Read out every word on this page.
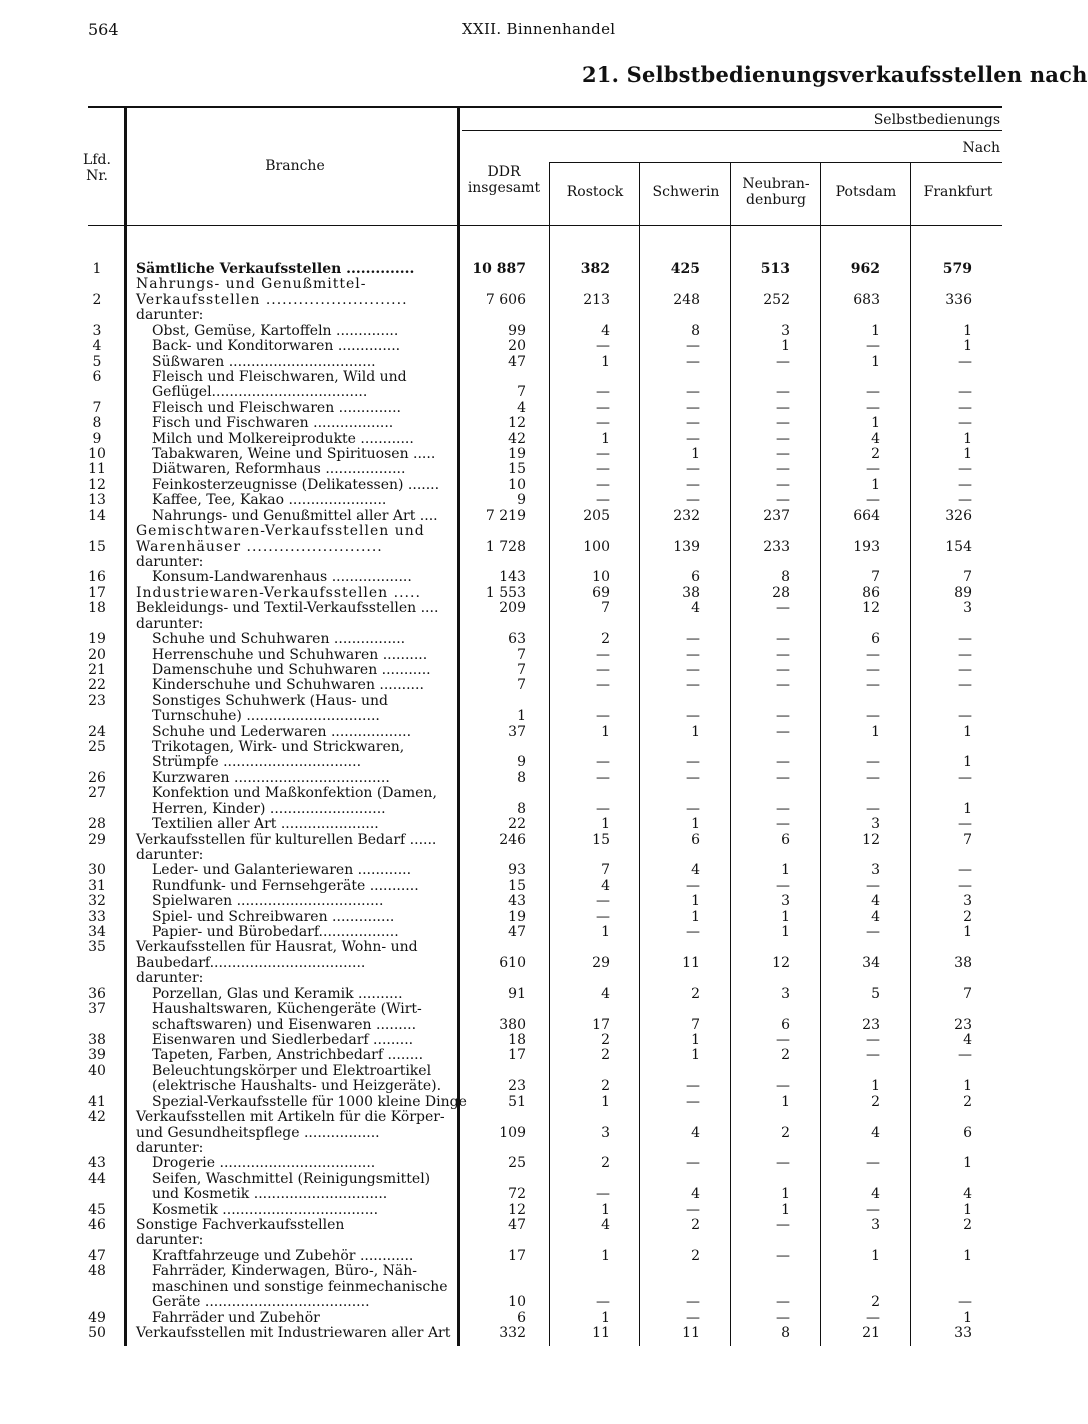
564	XXII. Binnenhandel
21. Selbstbedienungsverkaufsstellen nach
Lfd.
Nr.
Branche	DDR
insgesamt
Selbstbedienungs
Nach
Rostock	Schwerin	Neubran-
denburg	Potsdam	Frankfurt
1	Sämtliche Verkaufsstellen ..............	10 887	382	425	513	962	579
Nahrungs- und Genußmittel-
2	Verkaufsstellen ..........................	7 606	213	248	252	683	336
darunter:
3	Obst, Gemüse, Kartoffeln ..............	99	4	8	3	1	1
4	Back- und Konditorwaren ..............	20	—	—	1	—	1
5	Süßwaren .................................	47	1	—	—	1	—
6	Fleisch und Fleischwaren, Wild und
Geflügel...................................	7	—	—	—	—	—
7	Fleisch und Fleischwaren ..............	4	—	—	—	—	—
8	Fisch und Fischwaren ..................	12	—	—	—	1	—
9	Milch und Molkereiprodukte ............	42	1	—	—	4	1
10	Tabakwaren, Weine und Spirituosen .....	19	—	1	—	2	1
11	Diätwaren, Reformhaus ..................	15	—	—	—	—	—
12	Feinkosterzeugnisse (Delikatessen) .......	10	—	—	—	1	—
13	Kaffee, Tee, Kakao ......................	9	—	—	—	—	—
14	Nahrungs- und Genußmittel aller Art ....	7 219	205	232	237	664	326
Gemischtwaren-Verkaufsstellen und
15	Warenhäuser .........................	1 728	100	139	233	193	154
darunter:
16	Konsum-Landwarenhaus ..................	143	10	6	8	7	7
17	Industriewaren-Verkaufsstellen .....	1 553	69	38	28	86	89
18	Bekleidungs- und Textil-Verkaufsstellen ....	209	7	4	—	12	3
darunter:
19	Schuhe und Schuhwaren ................	63	2	—	—	6	—
20	Herrenschuhe und Schuhwaren ..........	7	—	—	—	—	—
21	Damenschuhe und Schuhwaren ...........	7	—	—	—	—	—
22	Kinderschuhe und Schuhwaren ..........	7	—	—	—	—	—
23	Sonstiges Schuhwerk (Haus- und
Turnschuhe) ..............................	1	—	—	—	—	—
24	Schuhe und Lederwaren ..................	37	1	1	—	1	1
25	Trikotagen, Wirk- und Strickwaren,
Strümpfe ...............................	9	—	—	—	—	1
26	Kurzwaren ...................................	8	—	—	—	—	—
27	Konfektion und Maßkonfektion (Damen,
Herren, Kinder) ..........................	8	—	—	—	—	1
28	Textilien aller Art ......................	22	1	1	—	3	—
29	Verkaufsstellen für kulturellen Bedarf ......	246	15	6	6	12	7
darunter:
30	Leder- und Galanteriewaren ............	93	7	4	1	3	—
31	Rundfunk- und Fernsehgeräte ...........	15	4	—	—	—	—
32	Spielwaren .................................	43	—	1	3	4	3
33	Spiel- und Schreibwaren ..............	19	—	1	1	4	2
34	Papier- und Bürobedarf..................	47	1	—	1	—	1
35	Verkaufsstellen für Hausrat, Wohn- und
Baubedarf...................................	610	29	11	12	34	38
darunter:
36	Porzellan, Glas und Keramik ..........	91	4	2	3	5	7
37	Haushaltswaren, Küchengeräte (Wirt-
schaftswaren) und Eisenwaren .........	380	17	7	6	23	23
38	Eisenwaren und Siedlerbedarf .........	18	2	1	—	—	4
39	Tapeten, Farben, Anstrichbedarf ........	17	2	1	2	—	—
40	Beleuchtungskörper und Elektroartikel
(elektrische Haushalts- und Heizgeräte).	23	2	—	—	1	1
41	Spezial-Verkaufsstelle für 1000 kleine Dinge	51	1	—	1	2	2
42	Verkaufsstellen mit Artikeln für die Körper-
und Gesundheitspflege .................	109	3	4	2	4	6
darunter:
43	Drogerie ...................................	25	2	—	—	—	1
44	Seifen, Waschmittel (Reinigungsmittel)
und Kosmetik ..............................	72	—	4	1	4	4
45	Kosmetik ...................................	12	1	—	1	—	1
46	Sonstige Fachverkaufsstellen	47	4	2	—	3	2
darunter:
47	Kraftfahrzeuge und Zubehör ............	17	1	2	—	1	1
48	Fahrräder, Kinderwagen, Büro-, Näh-
maschinen und sonstige feinmechanische
Geräte .....................................	10	—	—	—	2	—
49	Fahrräder und Zubehör	6	1	—	—	—	1
50	Verkaufsstellen mit Industriewaren aller Art	332	11	11	8	21	33
